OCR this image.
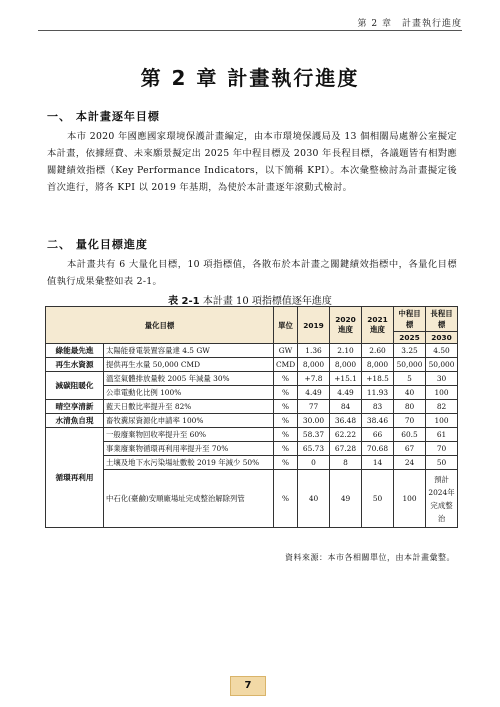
第 2 章　計畫執行進度
第 2 章 計畫執行進度
一、 本計畫逐年目標
本市 2020 年國應國家環境保護計畫編定，由本市環境保護局及 13 個相關局處辦公室擬定本計畫，依據經費、未來願景擬定出 2025 年中程目標及 2030 年長程目標，各議題皆有相對應關鍵績效指標（Key Performance Indicators，以下簡稱 KPI）。本次彙整檢討為計畫擬定後首次進行，將各 KPI 以 2019 年基期，為使於本計畫逐年滾動式檢討。
二、 量化目標進度
本計畫共有 6 大量化目標，10 項指標值，各散布於本計畫之關鍵績效指標中，各量化目標值執行成果彙整如表 2-1。
表 2-1 本計畫 10 項指標值逐年進度
量化目標		單位	2019	2020進度	2021進度	中程目標	長程目標
						2025	2030
綠能最先進	太陽能發電裝置容量達 4.5 GW	GW	1.36	2.10	2.60	3.25	4.50
再生水資源	提供再生水量 50,000 CMD	CMD	8,000	8,000	8,000	50,000	50,000
減碳阻暖化	溫室氣體排放量較 2005 年減量 30%	%	+7.8	+15.1	+18.5	5	30
	公車電動化比例 100%	%	4.49	4.49	11.93	40	100
晴空享清新	藍天日數比率提升至 82%	%	77	84	83	80	82
水清魚自現	畜牧糞尿資源化申請率 100%	%	30.00	36.48	38.46	70	100
循環再利用	一般廢棄物回收率提升至 60%	%	58.37	62.22	66	60.5	61
	事業廢棄物循環再利用率提升至 70%	%	65.73	67.28	70.68	67	70
	土壤及地下水污染場址數較 2019 年減少 50%	%	0	8	14	24	50
	中石化(臺鹼)安順廠場址完成整治解除列管	%	40	49	50	100	預計2024年完成整治
資料來源：本市各相關單位，由本計畫彙整。
7
